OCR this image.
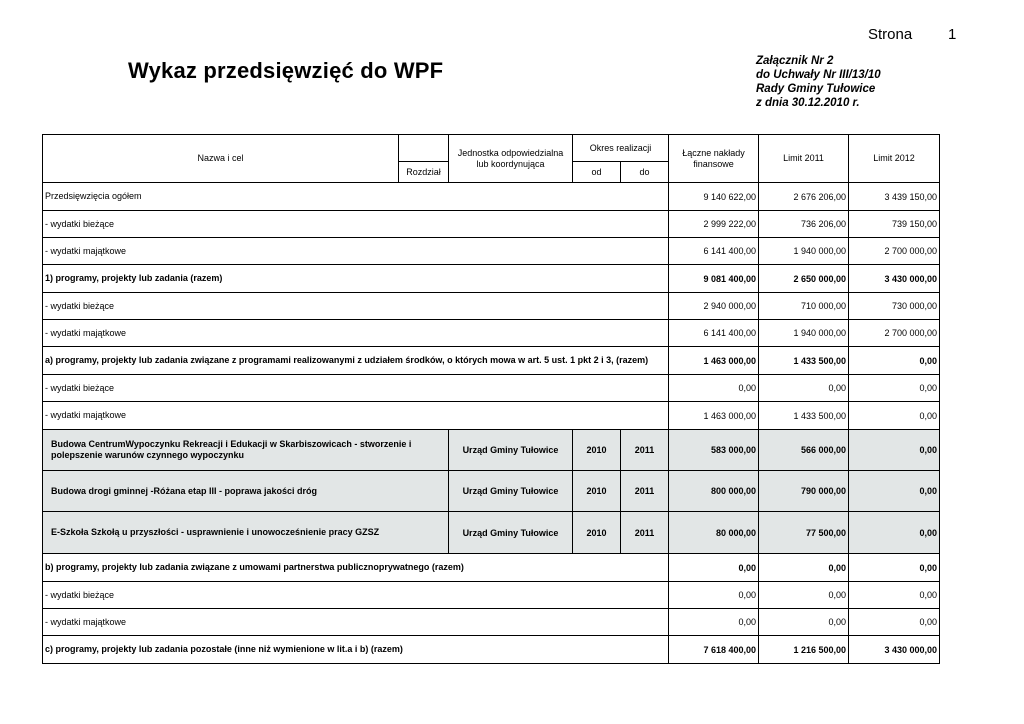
Strona 1
Wykaz przedsięwzięć do WPF	Załącznik Nr 2
do Uchwały Nr III/13/10
Rady Gminy Tułowice
z dnia 30.12.2010 r.
Nazwa i cel		Jednostka odpowiedzialna lub koordynująca	Okres realizacji		Łączne nakłady finansowe	Limit 2011	Limit 2012
	Rozdział		od	do			
Przedsięwzięcia ogółem					9 140 622,00	2 676 206,00	3 439 150,00
- wydatki bieżące					2 999 222,00	736 206,00	739 150,00
- wydatki majątkowe					6 141 400,00	1 940 000,00	2 700 000,00
1) programy, projekty lub zadania (razem)					9 081 400,00	2 650 000,00	3 430 000,00
- wydatki bieżące					2 940 000,00	710 000,00	730 000,00
- wydatki majątkowe					6 141 400,00	1 940 000,00	2 700 000,00
a) programy, projekty lub zadania związane z programami realizowanymi z udziałem środków, o których mowa w art. 5 ust. 1 pkt 2 i 3, (razem)					1 463 000,00	1 433 500,00	0,00
- wydatki bieżące					0,00	0,00	0,00
- wydatki majątkowe					1 463 000,00	1 433 500,00	0,00
Budowa CentrumWypoczynku Rekreacji i Edukacji w Skarbiszowicach - stworzenie i polepszenie warunów czynnego wypoczynku		Urząd Gminy Tułowice	2010	2011	583 000,00	566 000,00	0,00
Budowa drogi gminnej -Różana etap III - poprawa jakości dróg		Urząd Gminy Tułowice	2010	2011	800 000,00	790 000,00	0,00
E-Szkoła Szkołą u przyszłości - usprawnienie i unowocześnienie pracy GZSZ		Urząd Gminy Tułowice	2010	2011	80 000,00	77 500,00	0,00
b) programy, projekty lub zadania związane z umowami partnerstwa publicznoprywatnego (razem)					0,00	0,00	0,00
- wydatki bieżące					0,00	0,00	0,00
- wydatki majątkowe					0,00	0,00	0,00
c) programy, projekty lub zadania pozostałe (inne niż wymienione w lit.a i b) (razem)					7 618 400,00	1 216 500,00	3 430 000,00
